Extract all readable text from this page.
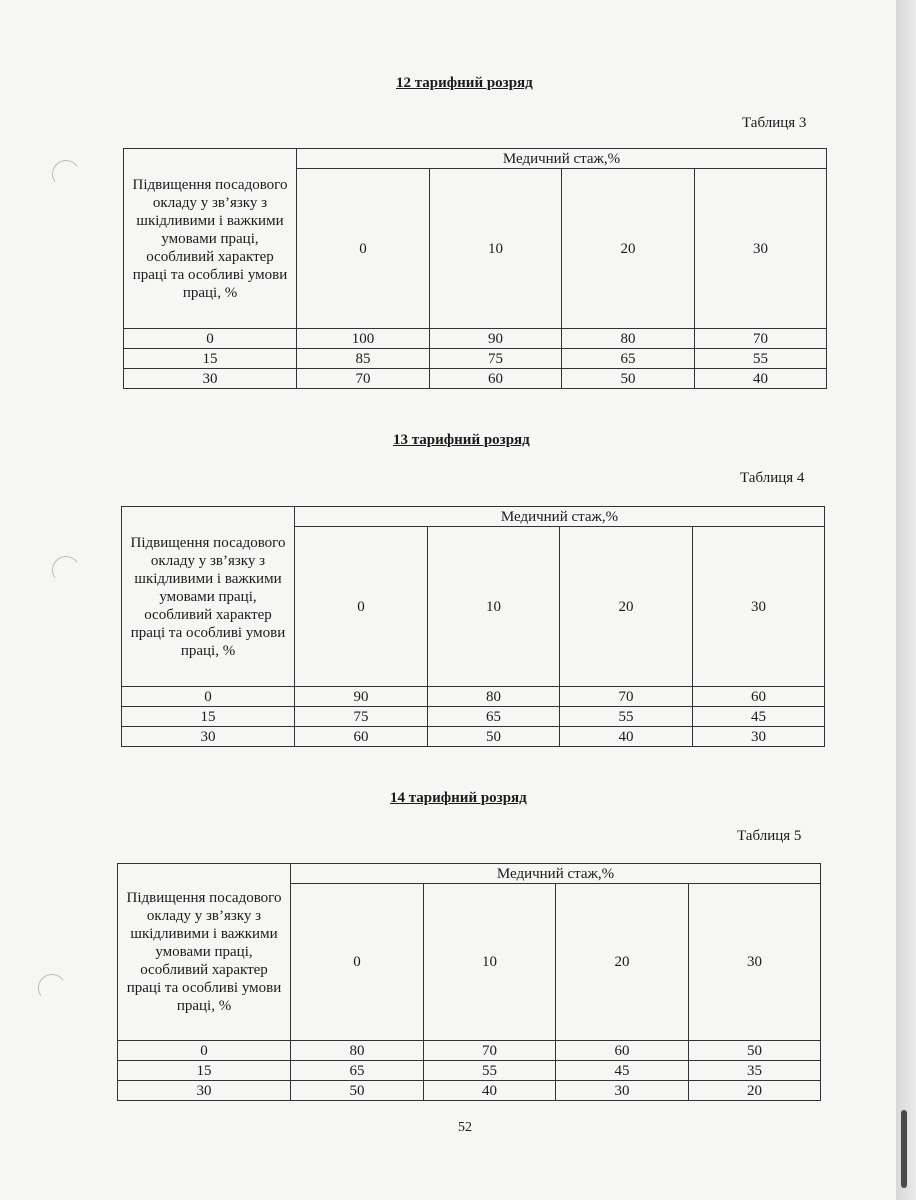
12 тарифний розряд
Таблиця 3
Підвищення посадового окладу у зв’язку з шкідливими і важкими умовами праці, особливий характер праці та особливі умови праці, %	Медичний стаж,%			
	0	10	20	30
0	100	90	80	70
15	85	75	65	55
30	70	60	50	40
13 тарифний розряд
Таблиця 4
Підвищення посадового окладу у зв’язку з шкідливими і важкими умовами праці, особливий характер праці та особливі умови праці, %	Медичний стаж,%			
	0	10	20	30
0	90	80	70	60
15	75	65	55	45
30	60	50	40	30
14 тарифний розряд
Таблиця 5
Підвищення посадового окладу у зв’язку з шкідливими і важкими умовами праці, особливий характер праці та особливі умови праці, %	Медичний стаж,%			
	0	10	20	30
0	80	70	60	50
15	65	55	45	35
30	50	40	30	20
52
